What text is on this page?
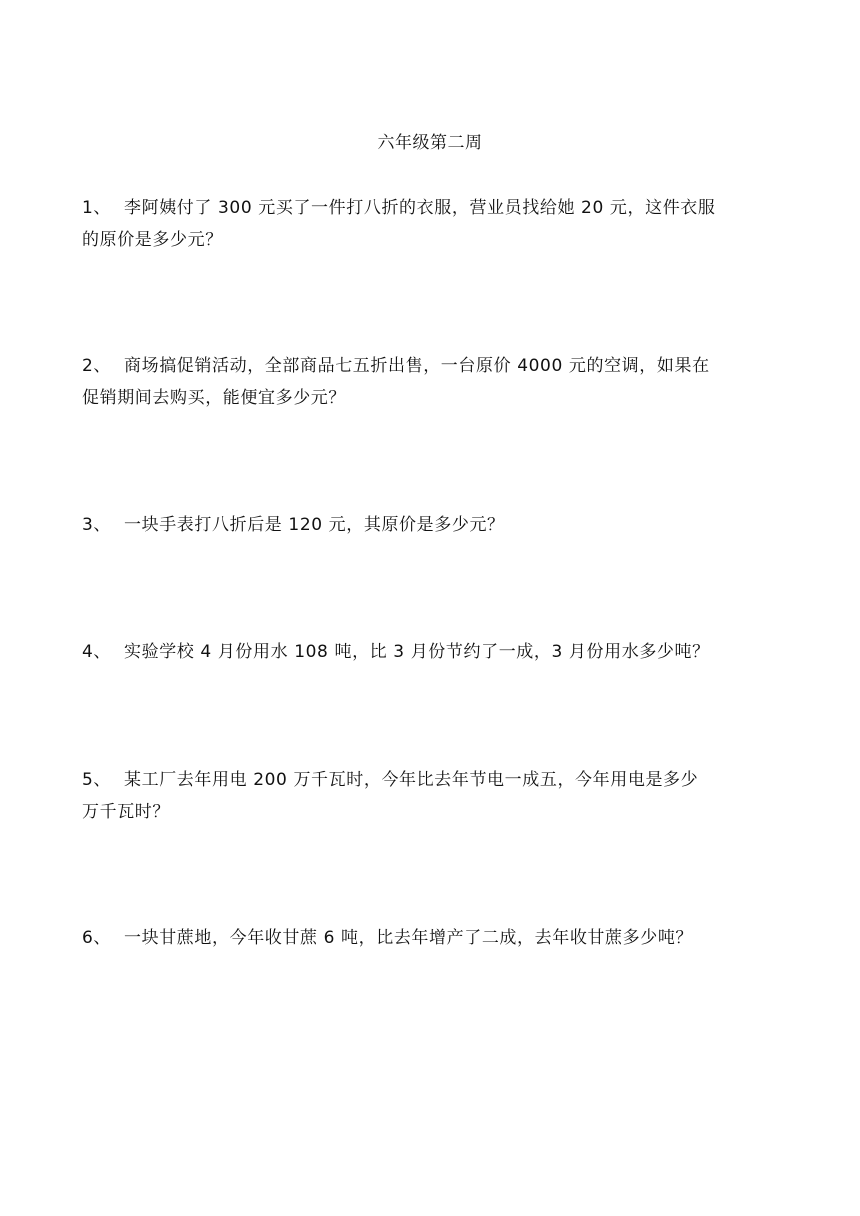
六年级第二周
1、 李阿姨付了 300 元买了一件打八折的衣服，营业员找给她 20 元，这件衣服
的原价是多少元？
2、 商场搞促销活动，全部商品七五折出售，一台原价 4000 元的空调，如果在
促销期间去购买，能便宜多少元？
3、 一块手表打八折后是 120 元，其原价是多少元？
4、 实验学校 4 月份用水 108 吨，比 3 月份节约了一成，3 月份用水多少吨？
5、 某工厂去年用电 200 万千瓦时，今年比去年节电一成五，今年用电是多少
万千瓦时？
6、 一块甘蔗地，今年收甘蔗 6 吨，比去年增产了二成，去年收甘蔗多少吨？
